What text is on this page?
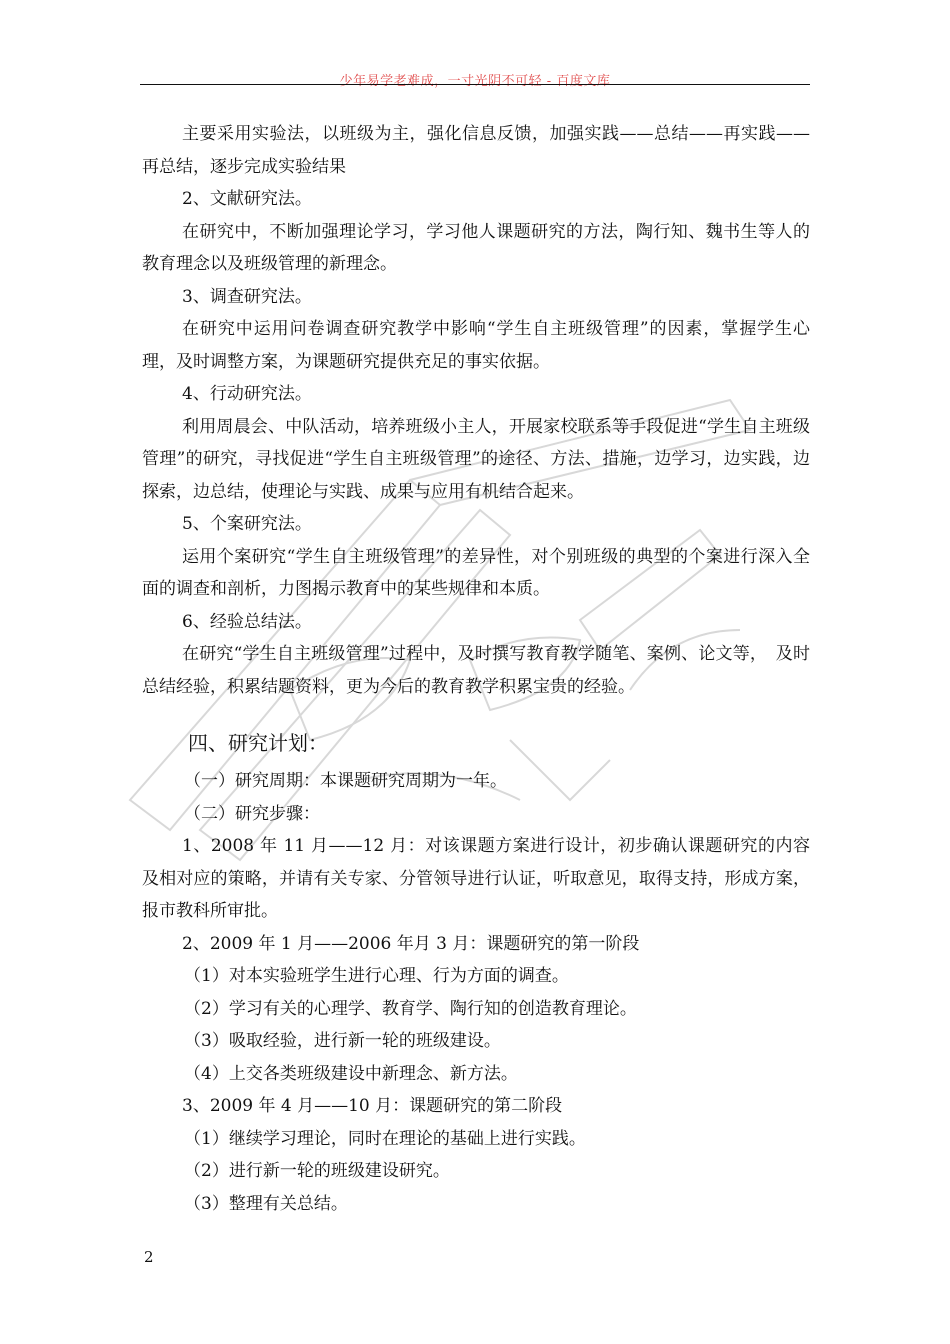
少年易学老难成，一寸光阴不可轻 - 百度文库

主要采用实验法，以班级为主，强化信息反馈，加强实践——总结——再实践——再总结，逐步完成实验结果

2、文献研究法。

在研究中，不断加强理论学习，学习他人课题研究的方法，陶行知、魏书生等人的教育理念以及班级管理的新理念。

3、调查研究法。

在研究中运用问卷调查研究教学中影响“学生自主班级管理”的因素，掌握学生心理，及时调整方案，为课题研究提供充足的事实依据。

4、行动研究法。

利用周晨会、中队活动，培养班级小主人，开展家校联系等手段促进“学生自主班级管理”的研究，寻找促进“学生自主班级管理”的途径、方法、措施，边学习，边实践，边探索，边总结，使理论与实践、成果与应用有机结合起来。

5、个案研究法。

运用个案研究“学生自主班级管理”的差异性，对个别班级的典型的个案进行深入全面的调查和剖析，力图揭示教育中的某些规律和本质。

6、经验总结法。

在研究“学生自主班级管理”过程中，及时撰写教育教学随笔、案例、论文等，　及时总结经验，积累结题资料，更为今后的教育教学积累宝贵的经验。

四、研究计划：

（一）研究周期：本课题研究周期为一年。

（二）研究步骤：

1、2008 年 11 月——12 月：对该课题方案进行设计，初步确认课题研究的内容及相对应的策略，并请有关专家、分管领导进行认证，听取意见，取得支持，形成方案，报市教科所审批。

2、2009 年 1 月——2006 年月 3 月：课题研究的第一阶段

（1）对本实验班学生进行心理、行为方面的调查。

（2）学习有关的心理学、教育学、陶行知的创造教育理论。

（3）吸取经验，进行新一轮的班级建设。

（4）上交各类班级建设中新理念、新方法。

3、2009 年 4 月——10 月：课题研究的第二阶段

（1）继续学习理论，同时在理论的基础上进行实践。

（2）进行新一轮的班级建设研究。

（3）整理有关总结。

2
